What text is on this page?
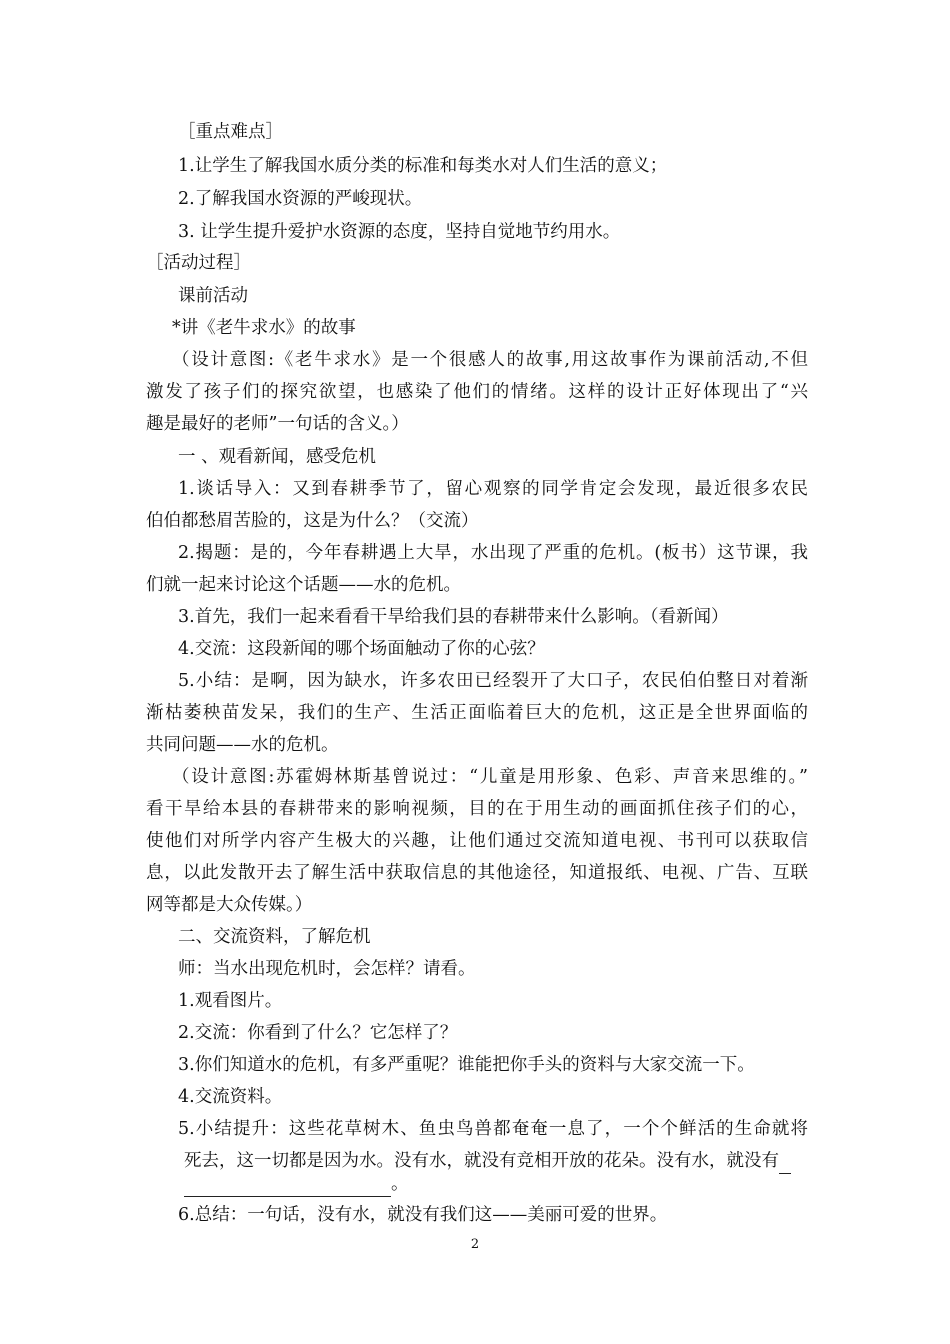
［重点难点］
1.让学生了解我国水质分类的标准和每类水对人们生活的意义；
2.了解我国水资源的严峻现状。
3. 让学生提升爱护水资源的态度，坚持自觉地节约用水。
［活动过程］
课前活动
*讲《老牛求水》的故事
（设计意图:《老牛求水》是一个很感人的故事,用这故事作为课前活动,不但
激发了孩子们的探究欲望，也感染了他们的情绪。这样的设计正好体现出了“兴
趣是最好的老师”一句话的含义。）
一 、观看新闻，感受危机
1.谈话导入：又到春耕季节了，留心观察的同学肯定会发现，最近很多农民
伯伯都愁眉苦脸的，这是为什么？（交流）
2.揭题：是的，今年春耕遇上大旱，水出现了严重的危机。(板书）这节课，我
们就一起来讨论这个话题——水的危机。
3.首先，我们一起来看看干旱给我们县的春耕带来什么影响。（看新闻）
4.交流：这段新闻的哪个场面触动了你的心弦？
5.小结：是啊，因为缺水，许多农田已经裂开了大口子，农民伯伯整日对着渐
渐枯萎秧苗发呆，我们的生产、生活正面临着巨大的危机，这正是全世界面临的
共同问题——水的危机。
（设计意图:苏霍姆林斯基曾说过：“儿童是用形象、色彩、声音来思维的。”
看干旱给本县的春耕带来的影响视频，目的在于用生动的画面抓住孩子们的心，
使他们对所学内容产生极大的兴趣，让他们通过交流知道电视、书刊可以获取信
息，以此发散开去了解生活中获取信息的其他途径，知道报纸、电视、广告、互联
网等都是大众传媒。）
二、交流资料，了解危机
师：当水出现危机时，会怎样？请看。
1.观看图片。
2.交流：你看到了什么？它怎样了？
3.你们知道水的危机，有多严重呢？谁能把你手头的资料与大家交流一下。
4.交流资料。
5.小结提升：这些花草树木、鱼虫鸟兽都奄奄一息了，一个个鲜活的生命就将
死去，这一切都是因为水。没有水，就没有竞相开放的花朵。没有水，就没有
。
6.总结：一句话，没有水，就没有我们这——美丽可爱的世界。
2
